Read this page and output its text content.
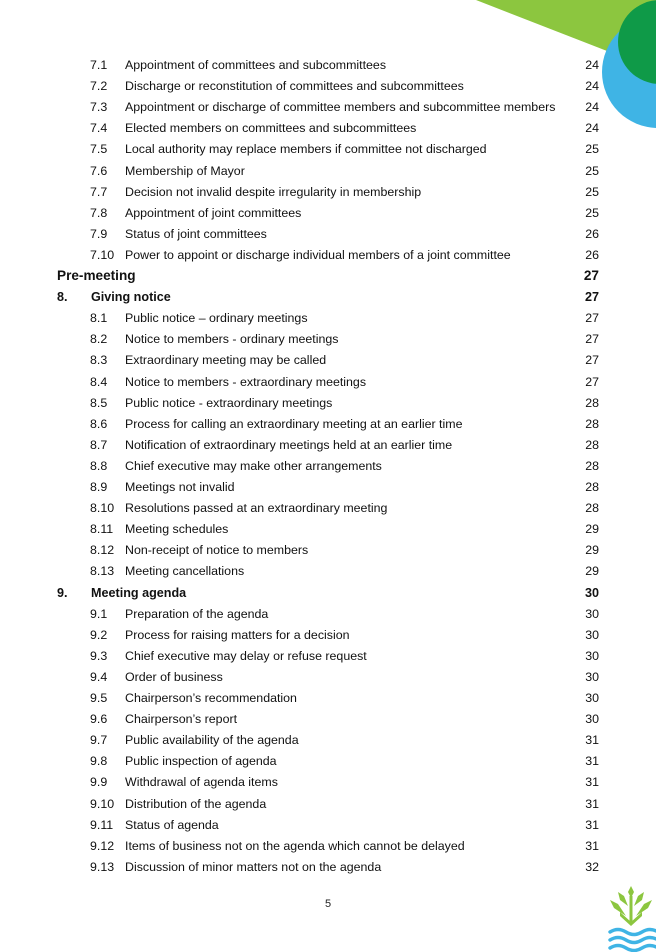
7.1 Appointment of committees and subcommittees	24
7.2 Discharge or reconstitution of committees and subcommittees	24
7.3 Appointment or discharge of committee members and subcommittee members 24
7.4 Elected members on committees and subcommittees	24
7.5 Local authority may replace members if committee not discharged	25
7.6 Membership of Mayor	25
7.7 Decision not invalid despite irregularity in membership	25
7.8 Appointment of joint committees	25
7.9 Status of joint committees	26
7.10 Power to appoint or discharge individual members of a joint committee	26
Pre-meeting	27
8. Giving notice	27
8.1 Public notice – ordinary meetings	27
8.2 Notice to members - ordinary meetings	27
8.3 Extraordinary meeting may be called	27
8.4 Notice to members - extraordinary meetings	27
8.5 Public notice - extraordinary meetings	28
8.6 Process for calling an extraordinary meeting at an earlier time	28
8.7 Notification of extraordinary meetings held at an earlier time	28
8.8 Chief executive may make other arrangements	28
8.9 Meetings not invalid	28
8.10 Resolutions passed at an extraordinary meeting	28
8.11 Meeting schedules	29
8.12 Non-receipt of notice to members	29
8.13 Meeting cancellations	29
9. Meeting agenda	30
9.1 Preparation of the agenda	30
9.2 Process for raising matters for a decision	30
9.3 Chief executive may delay or refuse request	30
9.4 Order of business	30
9.5 Chairperson’s recommendation	30
9.6 Chairperson’s report	30
9.7 Public availability of the agenda	31
9.8 Public inspection of agenda	31
9.9 Withdrawal of agenda items	31
9.10 Distribution of the agenda	31
9.11 Status of agenda	31
9.12 Items of business not on the agenda which cannot be delayed	31
9.13 Discussion of minor matters not on the agenda	32
5
